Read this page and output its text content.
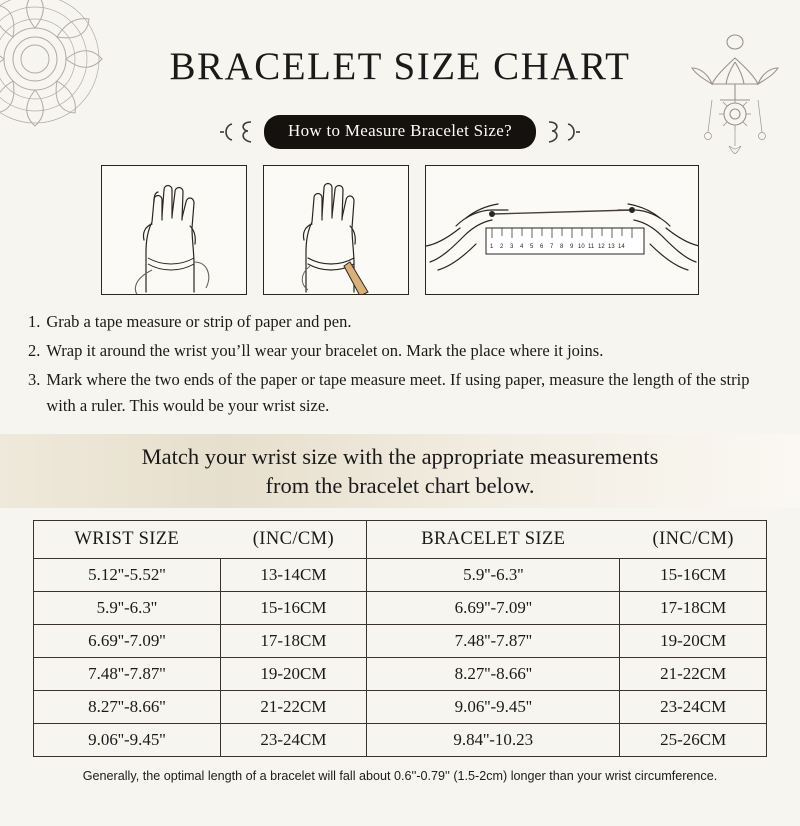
BRACELET SIZE CHART
How to Measure Bracelet Size?
1 2 3 4 5 6 7 8 9 10 11 12 13 14
1. Grab a tape measure or strip of paper and pen.
2. Wrap it around the wrist you’ll wear your bracelet on. Mark the place where it joins.
3. Mark where the two ends of the paper or tape measure meet. If using paper, measure the length of the strip with a ruler. This would be your wrist size.
Match your wrist size with the appropriate measurements
from the bracelet chart below.
WRIST SIZE	(INC/CM)	BRACELET SIZE	(INC/CM)
5.12''-5.52''	13-14CM	5.9''-6.3''	15-16CM
5.9''-6.3''	15-16CM	6.69''-7.09''	17-18CM
6.69''-7.09''	17-18CM	7.48''-7.87''	19-20CM
7.48''-7.87''	19-20CM	8.27''-8.66''	21-22CM
8.27''-8.66''	21-22CM	9.06''-9.45''	23-24CM
9.06''-9.45''	23-24CM	9.84''-10.23	25-26CM
Generally, the optimal length of a bracelet will fall about 0.6''-0.79'' (1.5-2cm) longer than your wrist circumference.
